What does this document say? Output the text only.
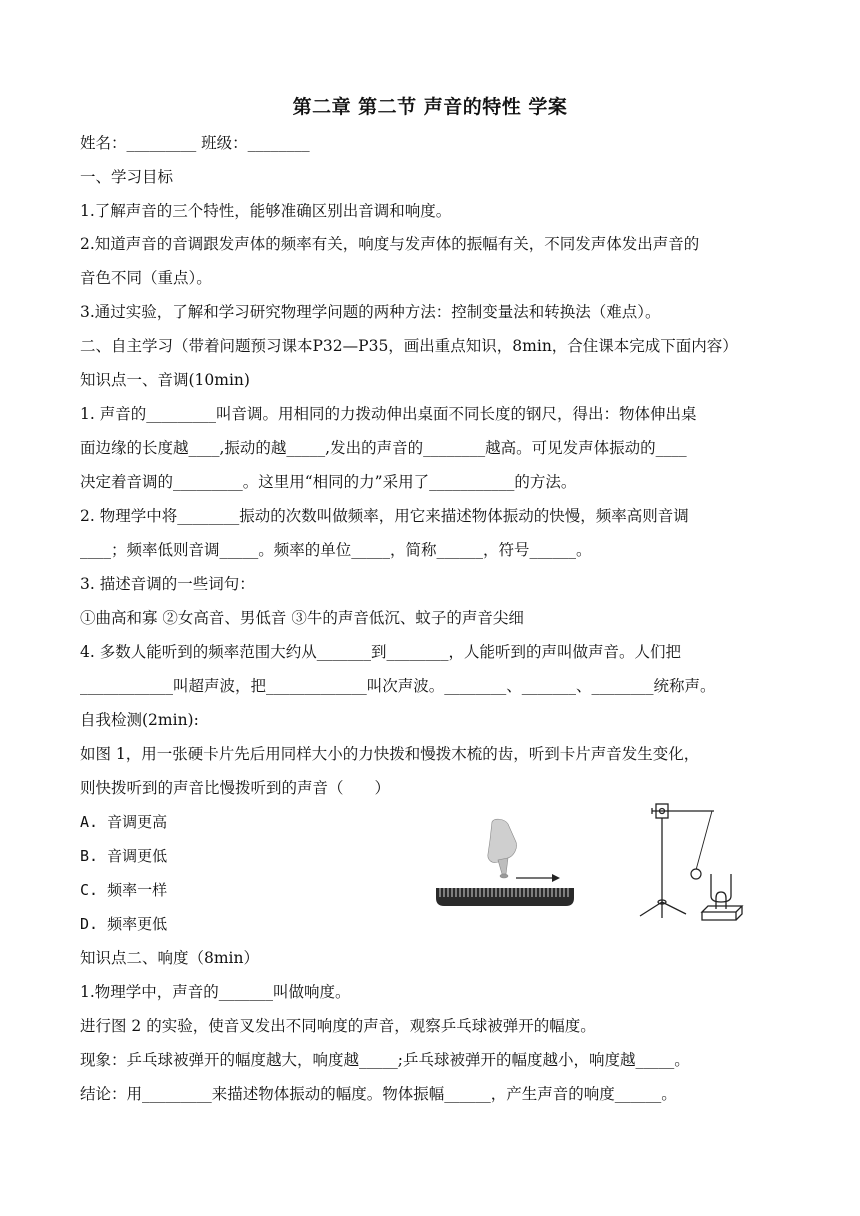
第二章 第二节 声音的特性 学案
姓名：_________ 班级：________
一、学习目标
1.了解声音的三个特性，能够准确区别出音调和响度。
2.知道声音的音调跟发声体的频率有关，响度与发声体的振幅有关，不同发声体发出声音的
音色不同（重点）。
3.通过实验，了解和学习研究物理学问题的两种方法：控制变量法和转换法（难点）。
二、自主学习（带着问题预习课本P32—P35，画出重点知识，8min，合住课本完成下面内容）
知识点一、音调(10min)
1. 声音的_________叫音调。用相同的力拨动伸出桌面不同长度的钢尺，得出：物体伸出桌
面边缘的长度越____,振动的越_____,发出的声音的________越高。可见发声体振动的____
决定着音调的_________。这里用“相同的力”采用了___________的方法。
2. 物理学中将________振动的次数叫做频率，用它来描述物体振动的快慢，频率高则音调
____；频率低则音调_____。频率的单位_____，简称______，符号______。
3. 描述音调的一些词句：
①曲高和寡 ②女高音、男低音 ③牛的声音低沉、蚊子的声音尖细
4. 多数人能听到的频率范围大约从_______到________，人能听到的声叫做声音。人们把
____________叫超声波，把_____________叫次声波。________、_______、________统称声。
自我检测(2min):
如图 1，用一张硬卡片先后用同样大小的力快拨和慢拨木梳的齿，听到卡片声音发生变化，
则快拨听到的声音比慢拨听到的声音（　　）
A. 音调更高
B. 音调更低
C. 频率一样
D. 频率更低
知识点二、响度（8min）
1.物理学中，声音的_______叫做响度。
进行图 2 的实验，使音叉发出不同响度的声音，观察乒乓球被弹开的幅度。
现象：乒乓球被弹开的幅度越大，响度越_____;乒乓球被弹开的幅度越小，响度越_____。
结论：用_________来描述物体振动的幅度。物体振幅______，产生声音的响度______。
